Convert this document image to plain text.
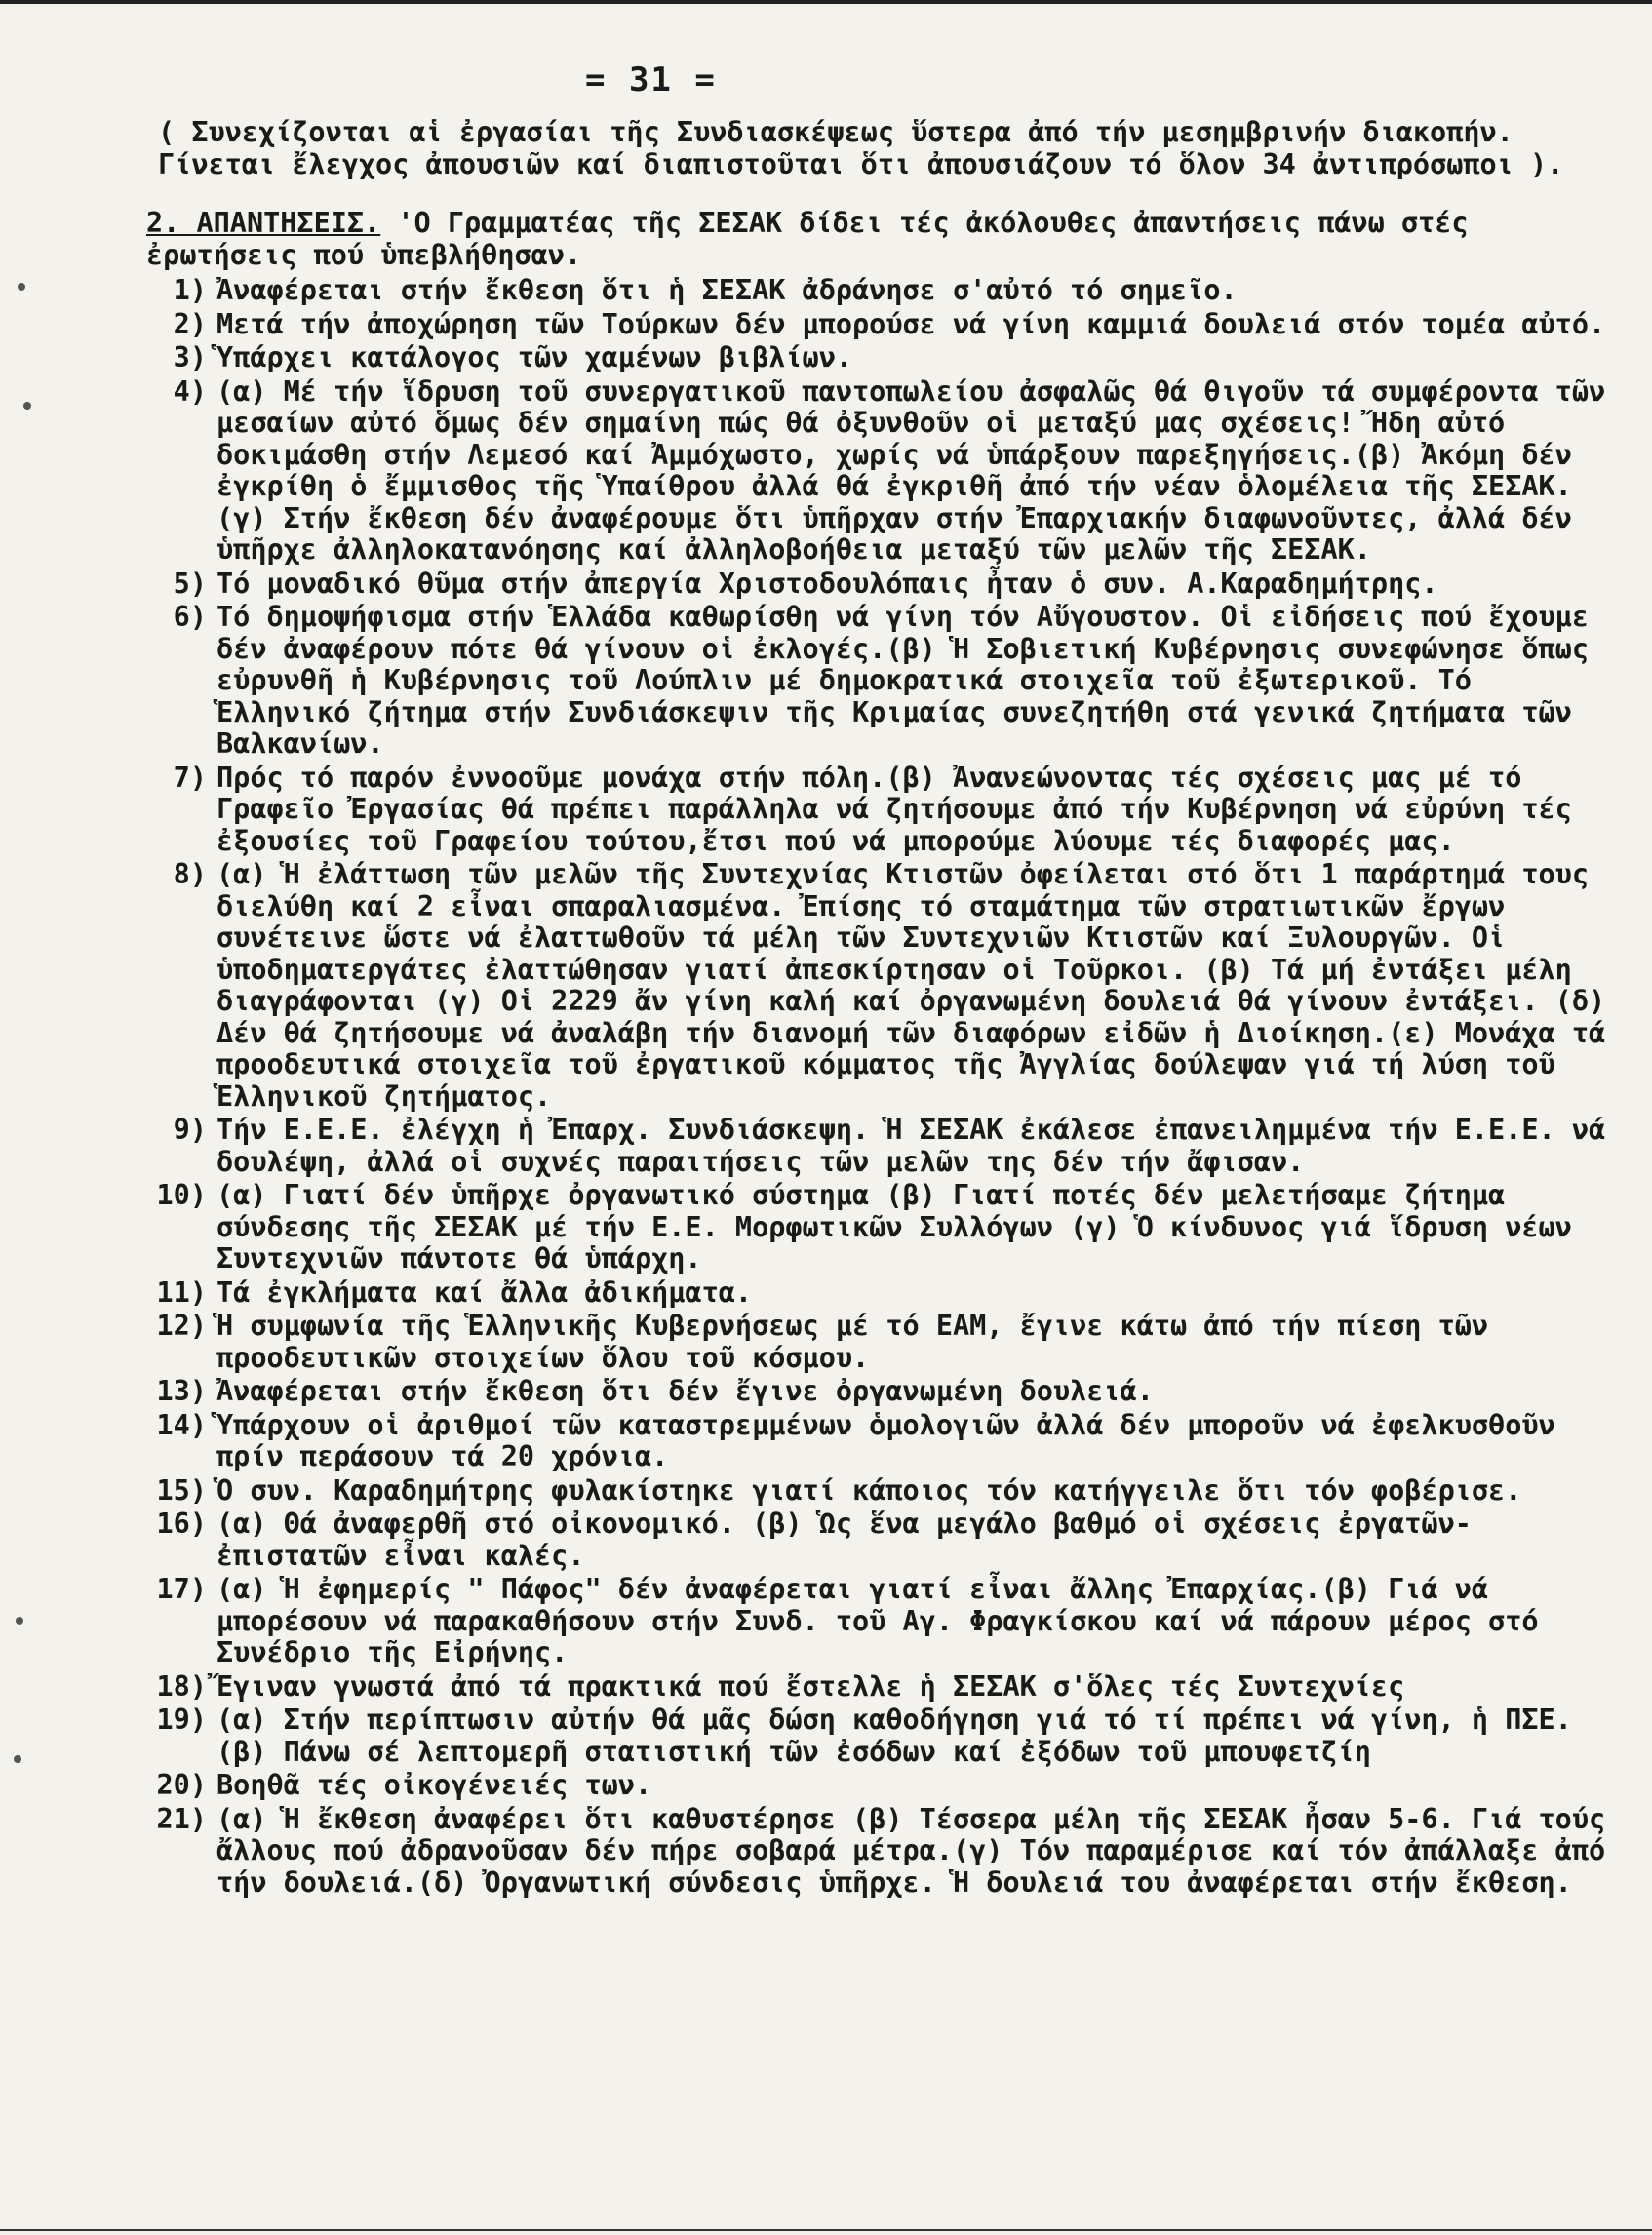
= 31 =
( Συνεχίζονται αἱ ἐργασίαι τῆς Συνδιασκέψεως ὕστερα ἀπό τήν μεσημβρινήν διακοπήν. Γίνεται ἔλεγχος ἀπουσιῶν καί διαπιστοῦται ὅτι ἀπουσιάζουν τό ὅλον 34 ἀντιπρόσωποι ).
2. ΑΠΑΝΤΗΣΕΙΣ. 'Ο Γραμματέας τῆς ΣΕΣΑΚ δίδει τές ἀκόλουθες ἀπαντήσεις πάνω στές ἐρωτήσεις πού ὑπεβλήθησαν.
1) Ἀναφέρεται στήν ἔκθεση ὅτι ἡ ΣΕΣΑΚ ἀδράνησε σ'αὐτό τό σημεῖο.
2) Μετά τήν ἀποχώρηση τῶν Τούρκων δέν μπορούσε νά γίνη καμμιά δουλειά στόν τομέα αὐτό.
3) Ὑπάρχει κατάλογος τῶν χαμένων βιβλίων.
4) (α) Μέ τήν ἵδρυση τοῦ συνεργατικοῦ παντοπωλείου ἀσφαλῶς θά θιγοῦν τά συμφέροντα τῶν μεσαίων αὐτό ὅμως δέν σημαίνη πώς θά ὀξυνθοῦν οἱ μεταξύ μας σχέσεις! Ἤδη αὐτό δοκιμάσθη στήν Λεμεσό καί Ἀμμόχωστο, χωρίς νά ὑπάρξουν παρεξηγήσεις.(β) Ἀκόμη δέν ἐγκρίθη ὁ ἔμμισθος τῆς Ὑπαίθρου ἀλλά θά ἐγκριθῆ ἀπό τήν νέαν ὁλομέλεια τῆς ΣΕΣΑΚ. (γ) Στήν ἔκθεση δέν ἀναφέρουμε ὅτι ὑπῆρχαν στήν Ἐπαρχιακήν διαφωνοῦντες, ἀλλά δέν ὑπῆρχε ἀλληλοκατανόησης καί ἀλληλοβοήθεια μεταξύ τῶν μελῶν τῆς ΣΕΣΑΚ.
5) Τό μοναδικό θῦμα στήν ἀπεργία Χριστοδουλόπαις ἦταν ὁ συν. Α.Καραδημήτρης.
6) Τό δημοψήφισμα στήν Ἑλλάδα καθωρίσθη νά γίνη τόν Αὔγουστον. Οἱ εἰδήσεις πού ἔχουμε δέν ἀναφέρουν πότε θά γίνουν οἱ ἐκλογές.(β) Ἡ Σοβιετική Κυβέρνησις συνεφώνησε ὅπως εὐρυνθῆ ἡ Κυβέρνησις τοῦ Λούπλιν μέ δημοκρατικά στοιχεῖα τοῦ ἐξωτερικοῦ. Τό Ἑλληνικό ζήτημα στήν Συνδιάσκεψιν τῆς Κριμαίας συνεζητήθη στά γενικά ζητήματα τῶν Βαλκανίων.
7) Πρός τό παρόν ἐννοοῦμε μονάχα στήν πόλη.(β) Ἀνανεώνοντας τές σχέσεις μας μέ τό Γραφεῖο Ἐργασίας θά πρέπει παράλληλα νά ζητήσουμε ἀπό τήν Κυβέρνηση νά εὐρύνη τές ἐξουσίες τοῦ Γραφείου τούτου,ἔτσι πού νά μπορούμε λύουμε τές διαφορές μας.
8) (α) Ἡ ἐλάττωση τῶν μελῶν τῆς Συντεχνίας Κτιστῶν ὀφείλεται στό ὅτι 1 παράρτημά τους διελύθη καί 2 εἶναι σπαραλιασμένα. Ἐπίσης τό σταμάτημα τῶν στρατιωτικῶν ἔργων συνέτεινε ὥστε νά ἐλαττωθοῦν τά μέλη τῶν Συντεχνιῶν Κτιστῶν καί Ξυλουργῶν. Οἱ ὑποδηματεργάτες ἐλαττώθησαν γιατί ἀπεσκίρτησαν οἱ Τοῦρκοι. (β) Τά μή ἐντάξει μέλη διαγράφονται (γ) Οἱ 2229 ἄν γίνη καλή καί ὀργανωμένη δουλειά θά γίνουν ἐντάξει. (δ) Δέν θά ζητήσουμε νά ἀναλάβη τήν διανομή τῶν διαφόρων εἰδῶν ἡ Διοίκηση.(ε) Μονάχα τά προοδευτικά στοιχεῖα τοῦ ἐργατικοῦ κόμματος τῆς Ἀγγλίας δούλεψαν γιά τή λύση τοῦ Ἑλληνικοῦ ζητήματος.
9) Τήν Ε.Ε.Ε. ἐλέγχη ἡ Ἐπαρχ. Συνδιάσκεψη. Ἡ ΣΕΣΑΚ ἐκάλεσε ἐπανειλημμένα τήν Ε.Ε.Ε. νά δουλέψη, ἀλλά οἱ συχνές παραιτήσεις τῶν μελῶν της δέν τήν ἄφισαν.
10) (α) Γιατί δέν ὑπῆρχε ὀργανωτικό σύστημα (β) Γιατί ποτές δέν μελετήσαμε ζήτημα σύνδεσης τῆς ΣΕΣΑΚ μέ τήν Ε.Ε. Μορφωτικῶν Συλλόγων (γ) Ὁ κίνδυνος γιά ἵδρυση νέων Συντεχνιῶν πάντοτε θά ὑπάρχη.
11) Τά ἐγκλήματα καί ἄλλα ἀδικήματα.
12) Ἡ συμφωνία τῆς Ἑλληνικῆς Κυβερνήσεως μέ τό ΕΑΜ, ἔγινε κάτω ἀπό τήν πίεση τῶν προοδευτικῶν στοιχείων ὅλου τοῦ κόσμου.
13) Ἀναφέρεται στήν ἔκθεση ὅτι δέν ἔγινε ὀργανωμένη δουλειά.
14) Ὑπάρχουν οἱ ἀριθμοί τῶν καταστρεμμένων ὁμολογιῶν ἀλλά δέν μποροῦν νά ἐφελκυσθοῦν πρίν περάσουν τά 20 χρόνια.
15) Ὁ συν. Καραδημήτρης φυλακίστηκε γιατί κάποιος τόν κατήγγειλε ὅτι τόν φοβέρισε.
16) (α) Θά ἀναφερθῆ στό οἰκονομικό. (β) Ὡς ἕνα μεγάλο βαθμό οἱ σχέσεις ἐργατῶν-ἐπιστατῶν εἶναι καλές.
17) (α) Ἡ ἐφημερίς " Πάφος" δέν ἀναφέρεται γιατί εἶναι ἄλλης Ἐπαρχίας.(β) Γιά νά μπορέσουν νά παρακαθήσουν στήν Συνδ. τοῦ Αγ. Φραγκίσκου καί νά πάρουν μέρος στό Συνέδριο τῆς Εἰρήνης.
18) Ἔγιναν γνωστά ἀπό τά πρακτικά πού ἔστελλε ἡ ΣΕΣΑΚ σ'ὅλες τές Συντεχνίες
19) (α) Στήν περίπτωσιν αὐτήν θά μᾶς δώση καθοδήγηση γιά τό τί πρέπει νά γίνη, ἡ ΠΣΕ. (β) Πάνω σέ λεπτομερῆ στατιστική τῶν ἐσόδων καί ἐξόδων τοῦ μπουφετζίη
20) Βοηθᾶ τές οἰκογένειές των.
21) (α) Ἡ ἔκθεση ἀναφέρει ὅτι καθυστέρησε (β) Τέσσερα μέλη τῆς ΣΕΣΑΚ ἦσαν 5-6. Γιά τούς ἄλλους πού ἀδρανοῦσαν δέν πήρε σοβαρά μέτρα.(γ) Τόν παραμέρισε καί τόν ἀπάλλαξε ἀπό τήν δουλειά.(δ) Ὀργανωτική σύνδεσις ὑπῆρχε. Ἡ δουλειά του ἀναφέρεται στήν ἔκθεση.
